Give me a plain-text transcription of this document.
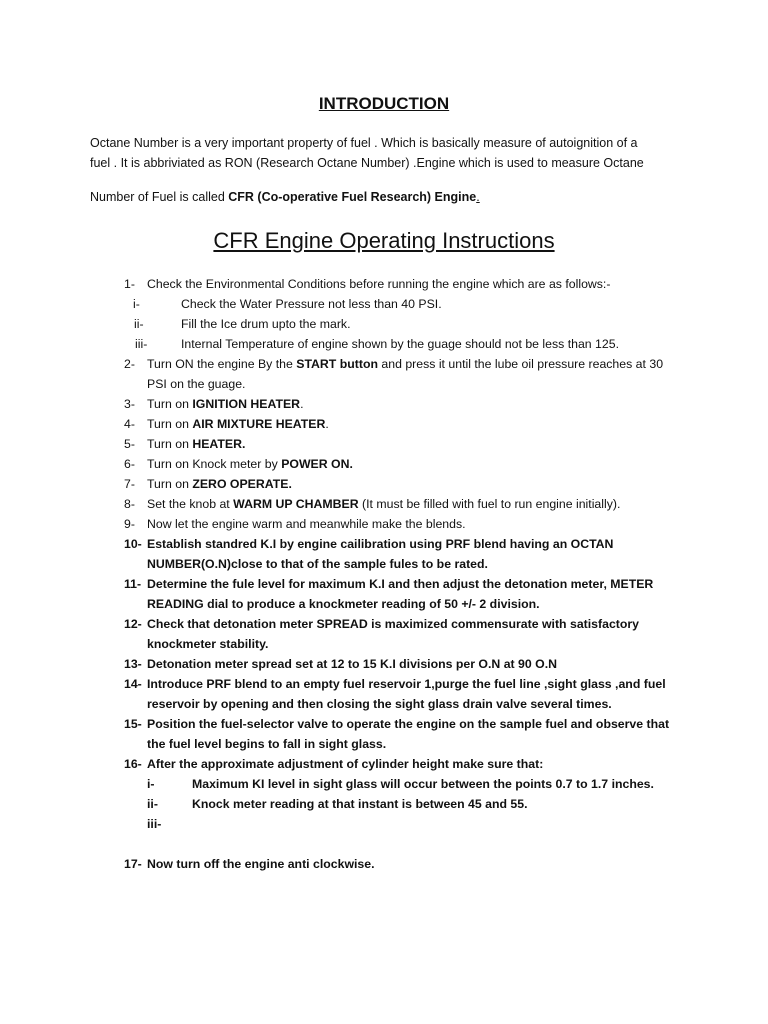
INTRODUCTION
Octane Number is a very important property of fuel . Which is basically measure of autoignition of a
fuel . It is abbriviated as RON (Research Octane Number) .Engine which is used to measure Octane
Number of Fuel is called CFR (Co-operative Fuel Research) Engine.
CFR Engine Operating Instructions
1- Check the Environmental Conditions before running the engine which are as follows:-
i-	Check the Water Pressure not less than 40 PSI.
ii-	Fill the Ice drum upto the mark.
iii-	Internal Temperature of engine shown by the guage should not be less than 125.
2- Turn ON the engine By the START button and press it until the lube oil pressure reaches at 30
PSI on the guage.
3- Turn on IGNITION HEATER.
4- Turn on AIR MIXTURE HEATER.
5- Turn on HEATER.
6- Turn on Knock meter by POWER ON.
7- Turn on ZERO OPERATE.
8- Set the knob at WARM UP CHAMBER (It must be filled with fuel to run engine initially).
9- Now let the engine warm and meanwhile make the blends.
10- Establish standred K.I by engine cailibration using PRF blend having an OCTAN
NUMBER(O.N)close to that of the sample fules to be rated.
11- Determine the fule level for maximum K.I and then adjust the detonation meter, METER
READING dial to produce a knockmeter reading of 50 +/- 2 division.
12- Check that detonation meter SPREAD is maximized commensurate with satisfactory
knockmeter stability.
13- Detonation meter spread set at 12 to 15 K.I divisions per O.N at 90 O.N
14- Introduce PRF blend to an empty fuel reservoir 1,purge the fuel line ,sight glass ,and fuel
reservoir by opening and then closing the sight glass drain valve several times.
15- Position the fuel-selector valve to operate the engine on the sample fuel and observe that
the fuel level begins to fall in sight glass.
16- After the approximate adjustment of cylinder height make sure that:
i-	Maximum KI level in sight glass will occur between the points 0.7 to 1.7 inches.
ii-	Knock meter reading at that instant is between 45 and 55.
iii-
17- Now turn off the engine anti clockwise.
